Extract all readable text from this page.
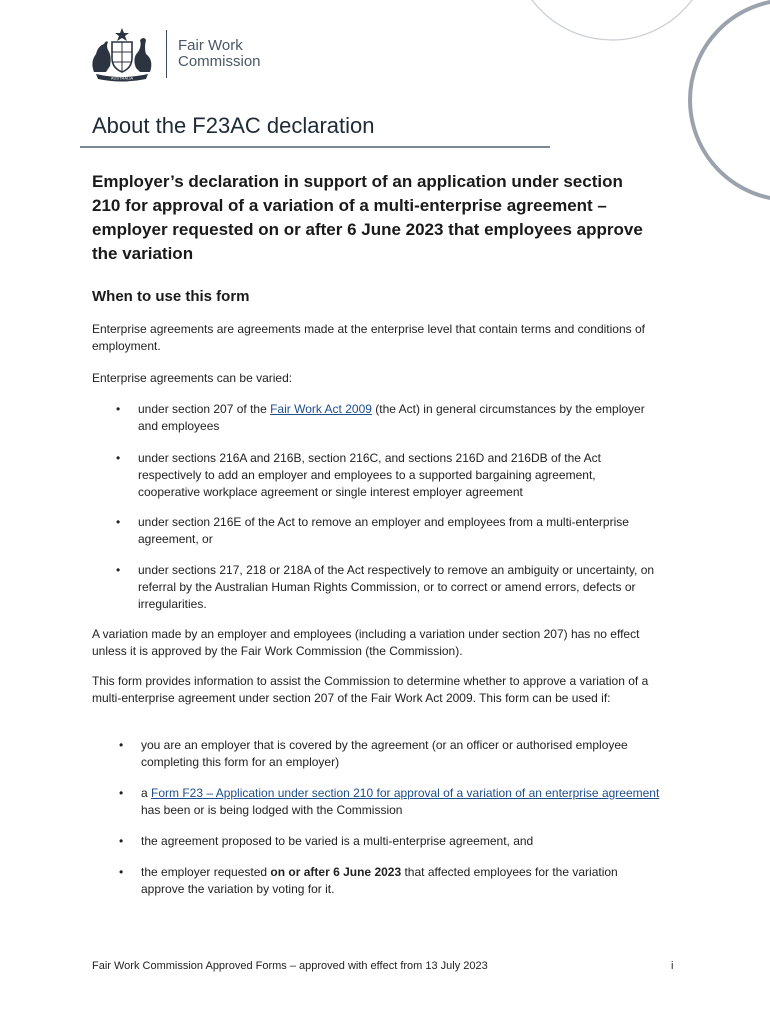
AUSTRALIA
Fair Work
Commission
About the F23AC declaration
Employer’s declaration in support of an application under section 210 for approval of a variation of a multi-enterprise agreement – employer requested on or after 6 June 2023 that employees approve the variation
When to use this form

Enterprise agreements are agreements made at the enterprise level that contain terms and conditions of employment.

Enterprise agreements can be varied:

• under section 207 of the Fair Work Act 2009 (the Act) in general circumstances by the employer and employees
• under sections 216A and 216B, section 216C, and sections 216D and 216DB of the Act respectively to add an employer and employees to a supported bargaining agreement, cooperative workplace agreement or single interest employer agreement
• under section 216E of the Act to remove an employer and employees from a multi-enterprise agreement, or
• under sections 217, 218 or 218A of the Act respectively to remove an ambiguity or uncertainty, on referral by the Australian Human Rights Commission, or to correct or amend errors, defects or irregularities.

A variation made by an employer and employees (including a variation under section 207) has no effect unless it is approved by the Fair Work Commission (the Commission).

This form provides information to assist the Commission to determine whether to approve a variation of a multi-enterprise agreement under section 207 of the Fair Work Act 2009. This form can be used if:

• you are an employer that is covered by the agreement (or an officer or authorised employee completing this form for an employer)
• a Form F23 – Application under section 210 for approval of a variation of an enterprise agreement has been or is being lodged with the Commission
• the agreement proposed to be varied is a multi-enterprise agreement, and
• the employer requested on or after 6 June 2023 that affected employees for the variation approve the variation by voting for it.
Fair Work Commission Approved Forms – approved with effect from 13 July 2023	i
